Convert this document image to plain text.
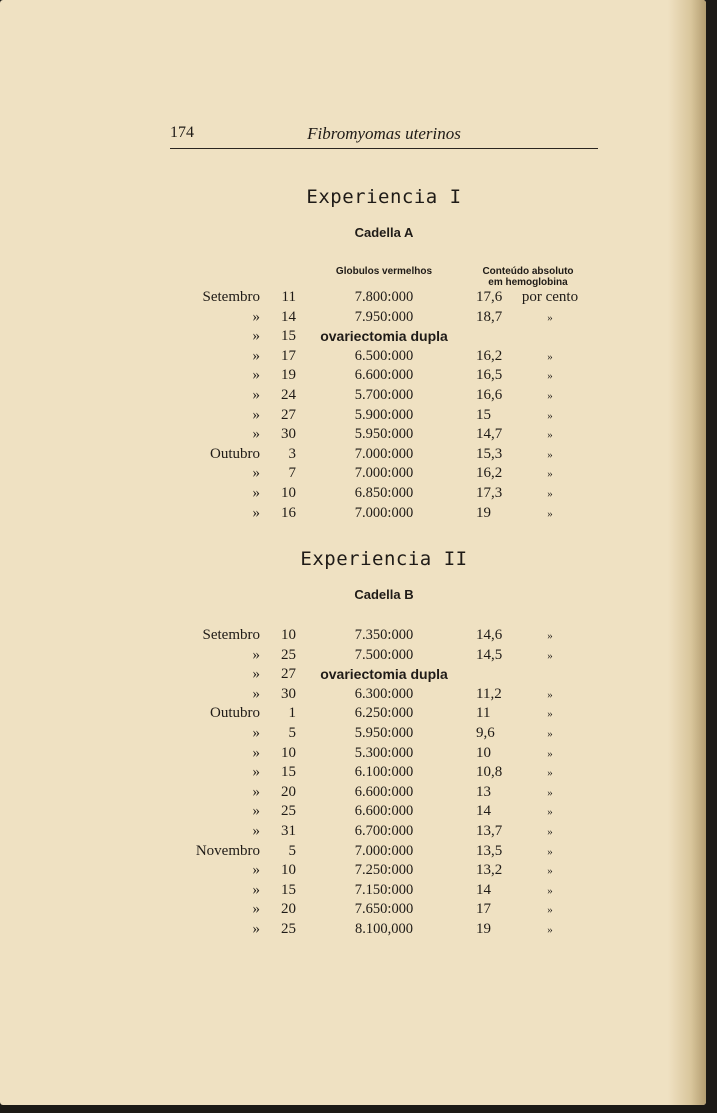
174	Fibromyomas uterinos
Experiencia I
Cadella A
Globulos vermelhos	Conteúdo absoluto
em hemoglobina
Setembro	11	7.800:000	17,6	por cento
»	14	7.950:000	18,7	»
»	15	ovariectomia dupla
»	17	6.500:000	16,2	»
»	19	6.600:000	16,5	»
»	24	5.700:000	16,6	»
»	27	5.900:000	15	»
»	30	5.950:000	14,7	»
Outubro	3	7.000:000	15,3	»
»	7	7.000:000	16,2	»
»	10	6.850:000	17,3	»
»	16	7.000:000	19	»
Experiencia II
Cadella B
Setembro	10	7.350:000	14,6	»
»	25	7.500:000	14,5	»
»	27	ovariectomia dupla
»	30	6.300:000	11,2	»
Outubro	1	6.250:000	11	»
»	5	5.950:000	9,6	»
»	10	5.300:000	10	»
»	15	6.100:000	10,8	»
»	20	6.600:000	13	»
»	25	6.600:000	14	»
»	31	6.700:000	13,7	»
Novembro	5	7.000:000	13,5	»
»	10	7.250:000	13,2	»
»	15	7.150:000	14	»
»	20	7.650:000	17	»
»	25	8.100,000	19	»
